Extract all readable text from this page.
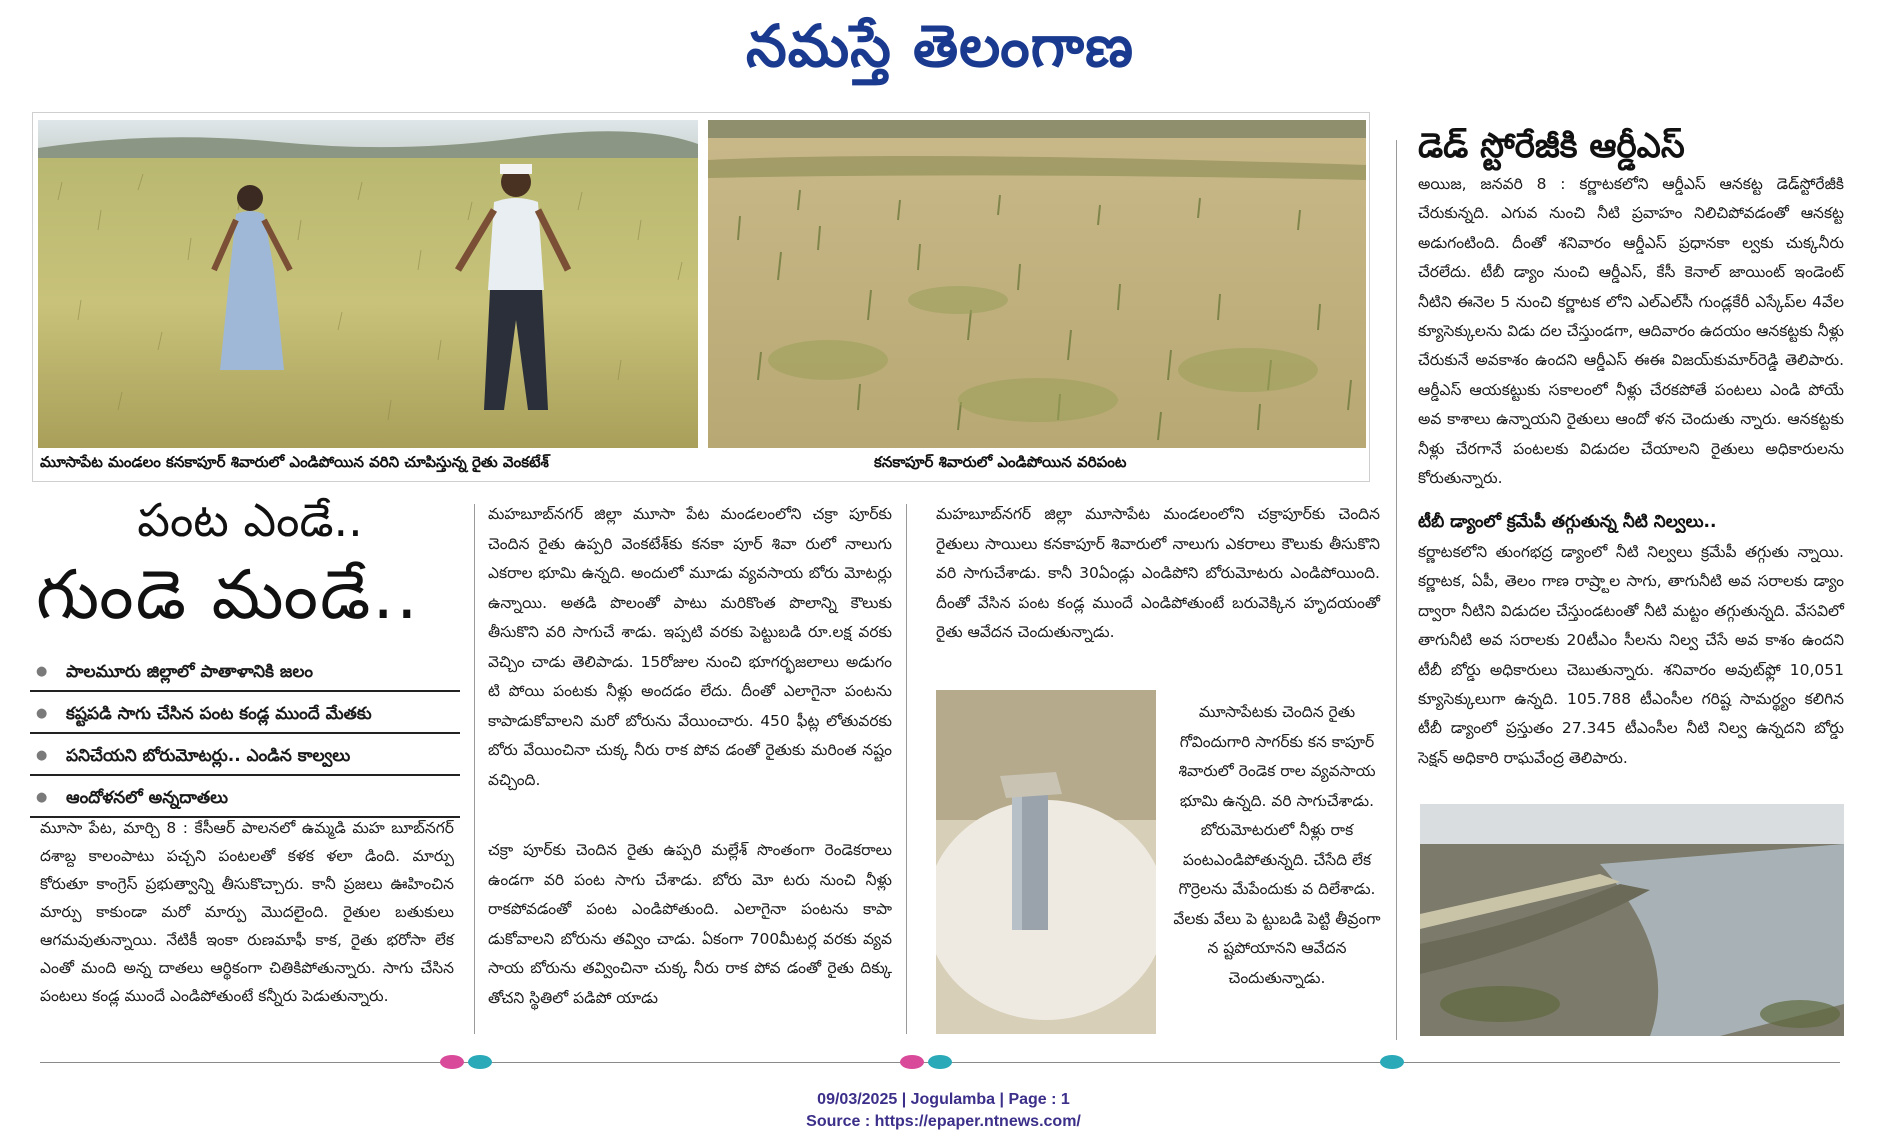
నమస్తే తెలంగాణ
మూసాపేట మండలం కనకాపూర్‌ శివారులో ఎండిపోయిన వరిని చూపిస్తున్న రైతు వెంకటేశ్‌	కనకాపూర్‌ శివారులో ఎండిపోయిన వరిపంట
పంట ఎండే..
గుండె మండే..
● పాలమూరు జిల్లాలో పాతాళానికి జలం
● కష్టపడి సాగు చేసిన పంట కండ్ల ముందే మేతకు
● పనిచేయని బోరుమోటర్లు.. ఎండిన కాల్వలు
● ఆందోళనలో అన్నదాతలు

మూసా పేట, మార్చి 8 : కేసీఆర్‌ పాలనలో ఉమ్మడి మహ బూబ్‌నగర్‌ దశాబ్ద కాలంపాటు పచ్చని పంటలతో కళక ళలా డింది. మార్పు కోరుతూ కాంగ్రెస్‌ ప్రభుత్వాన్ని తీసుకొచ్చారు. కానీ ప్రజలు ఊహించిన మార్పు కాకుండా మరో మార్పు మొదలైంది. రైతుల బతుకులు ఆగమవుతున్నాయి. నేటికీ ఇంకా రుణమాఫీ కాక, రైతు భరోసా లేక ఎంతో మంది అన్న దాతలు ఆర్థికంగా చితికిపోతున్నారు. సాగు చేసిన పంటలు కండ్ల ముందే ఎండిపోతుంటే కన్నీరు పెడుతున్నారు.

మహబూబ్‌నగర్‌ జిల్లా మూసా పేట మండలంలోని చక్రా పూర్‌కు చెందిన రైతు ఉప్పరి వెంకటేశ్‌కు కనకా పూర్‌ శివా రులో నాలుగు ఎకరాల భూమి ఉన్నది. అందులో మూడు వ్యవసాయ బోరు మోటర్లు ఉన్నాయి. అతడి పొలంతో పాటు మరికొంత పొలాన్ని కౌలుకు తీసుకొని వరి సాగుచే శాడు. ఇప్పటి వరకు పెట్టుబడి రూ.లక్ష వరకు వెచ్చిం చాడు తెలిపాడు. 15రోజుల నుంచి భూగర్భజలాలు అడుగం టి పోయి పంటకు నీళ్లు అందడం లేదు. దీంతో ఎలాగైనా పంటను కాపాడుకోవాలని మరో బోరును వేయించారు. 450 ఫీట్ల లోతువరకు బోరు వేయించినా చుక్క నీరు రాక పోవ డంతో రైతుకు మరింత నష్టం వచ్చింది.

చక్రా పూర్‌కు చెందిన రైతు ఉప్పరి మల్లేశ్‌ సొంతంగా రెండెకరాలు ఉండగా వరి పంట సాగు చేశాడు. బోరు మో టరు నుంచి నీళ్లు రాకపోవడంతో పంట ఎండిపోతుంది. ఎలాగైనా పంటను కాపా డుకోవాలని బోరును తవ్విం చాడు. ఏకంగా 700మీటర్ల వరకు వ్యవ సాయ బోరును తవ్వించినా చుక్క నీరు రాక పోవ డంతో రైతు దిక్కు తోచని స్థితిలో పడిపో యాడు

మహబూబ్‌నగర్‌ జిల్లా మూసాపేట మండలంలోని చక్రాపూర్‌కు చెందిన రైతులు సాయిలు కనకాపూర్‌ శివారులో నాలుగు ఎకరాలు కౌలుకు తీసుకొని వరి సాగుచేశాడు. కానీ 30ఏండ్లు ఎండిపోని బోరుమోటరు ఎండిపోయింది. దీంతో వేసిన పంట కండ్ల ముందే ఎండిపోతుంటే బరువెక్కిన హృదయంతో రైతు ఆవేదన చెందుతున్నాడు.

మూసాపేటకు చెందిన రైతు గోవిందుగారి సాగర్‌కు కన కాపూర్‌ శివారులో రెండెక రాల వ్యవసాయ భూమి ఉన్నది. వరి సాగుచేశాడు. బోరుమోటరులో నీళ్లు రాక పంటఎండిపోతున్నది. చేసేది లేక గొర్రెలను మేపేందుకు వ దిలేశాడు. వేలకు వేలు పె ట్టుబడి పెట్టి తీవ్రంగా న ష్టపోయానని ఆవేదన చెందుతున్నాడు.

డెడ్‌ స్టోరేజీకి ఆర్డీఎస్‌

అయిజ, జనవరి 8 : కర్ణాటకలోని ఆర్డీఎస్‌ ఆనకట్ట డెడ్‌స్టోరేజీకి చేరుకున్నది. ఎగువ నుంచి నీటి ప్రవాహం నిలిచిపోవడంతో ఆనకట్ట అడుగంటింది. దీంతో శనివారం ఆర్డీఎస్‌ ప్రధానకా ల్వకు చుక్కనీరు చేరలేదు. టీబీ డ్యాం నుంచి ఆర్డీఎస్‌, కేసీ కెనాల్‌ జాయింట్‌ ఇండెంట్‌ నీటిని ఈనెల 5 నుంచి కర్ణాటక లోని ఎల్‌ఎల్‌సీ గుండ్లకేరీ ఎస్కేప్‌ల 4వేల క్యూసెక్కులను విడు దల చేస్తుండగా, ఆదివారం ఉదయం ఆనకట్టకు నీళ్లు చేరుకునే అవకాశం ఉందని ఆర్డీఎస్‌ ఈఈ విజయ్‌కుమార్‌రెడ్డి తెలిపారు. ఆర్డీఎస్‌ ఆయకట్టుకు సకాలంలో నీళ్లు చేరకపోతే పంటలు ఎండి పోయే అవ కాశాలు ఉన్నాయని రైతులు ఆందో ళన చెందుతు న్నారు. ఆనకట్టకు నీళ్లు చేరగానే పంటలకు విడుదల చేయాలని రైతులు అధికారులను కోరుతున్నారు.

టీబీ డ్యాంలో క్రమేపీ తగ్గుతున్న నీటి నిల్వలు..

కర్ణాటకలోని తుంగభద్ర డ్యాంలో నీటి నిల్వలు క్రమేపీ తగ్గుతు న్నాయి. కర్ణాటక, ఏపీ, తెలం గాణ రాష్ర్టాల సాగు, తాగునీటి అవ సరాలకు డ్యాం ద్వారా నీటిని విడుదల చేస్తుండటంతో నీటి మట్టం తగ్గుతున్నది. వేసవిలో తాగునీటి అవ సరాలకు 20టీఎం సీలను నిల్వ చేసే అవ కాశం ఉందని టీబీ బోర్డు అధికారులు చెబుతున్నారు. శనివారం అవుట్‌ఫ్లో 10,051 క్యూసెక్కులుగా ఉన్నది. 105.788 టీఎంసీల గరిష్ట సామర్థ్యం కలిగిన టీబీ డ్యాంలో ప్రస్తుతం 27.345 టీఎంసీల నీటి నిల్వ ఉన్నదని బోర్డు సెక్షన్‌ అధికారి రాఘవేంద్ర తెలిపారు.

09/03/2025 | Jogulamba | Page : 1
Source : https://epaper.ntnews.com/
